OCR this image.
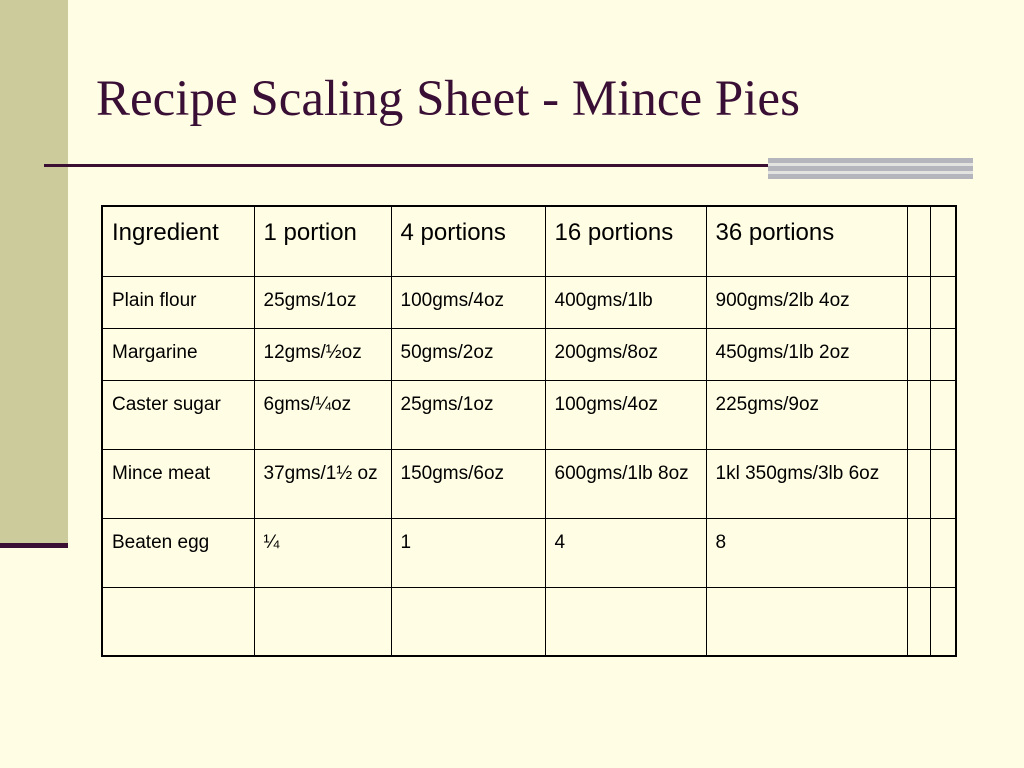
Recipe Scaling Sheet - Mince Pies
Ingredient	1 portion	4 portions	16 portions	36 portions		
Plain flour	25gms/1oz	100gms/4oz	400gms/1lb	900gms/2lb 4oz		
Margarine	12gms/½oz	50gms/2oz	200gms/8oz	450gms/1lb 2oz		
Caster sugar	6gms/¼oz	25gms/1oz	100gms/4oz	225gms/9oz		
Mince meat	37gms/1½ oz	150gms/6oz	600gms/1lb 8oz	1kl 350gms/3lb 6oz		
Beaten egg	¼	1	4	8		
